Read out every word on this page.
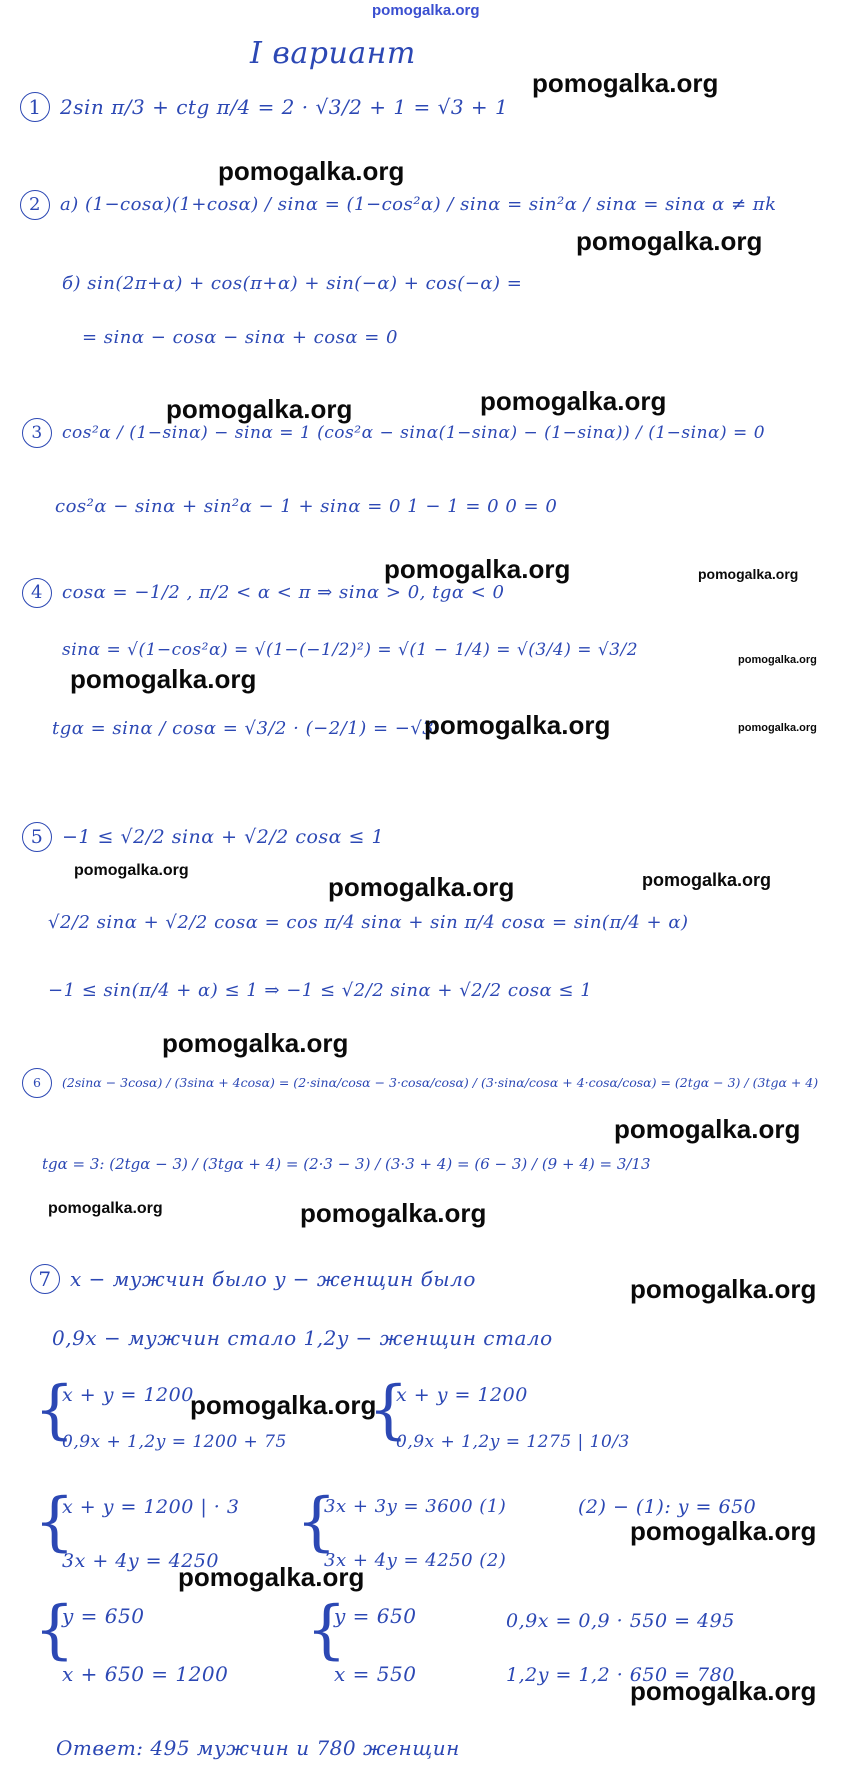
pomogalka.org
I вариант
1 2sin π/3 + ctg π/4 = 2 · √3/2 + 1 = √3 + 1
2 а) (1−cosα)(1+cosα) / sinα = (1−cos²α) / sinα = sin²α / sinα = sinα α ≠ πk
б) sin(2π+α) + cos(π+α) + sin(−α) + cos(−α) =
= sinα − cosα − sinα + cosα = 0
3 cos²α / (1−sinα) − sinα = 1 (cos²α − sinα(1−sinα) − (1−sinα)) / (1−sinα) = 0
cos²α − sinα + sin²α − 1 + sinα = 0 1 − 1 = 0 0 = 0
4 cosα = −1/2 , π/2 < α < π ⇒ sinα > 0, tgα < 0
sinα = √(1−cos²α) = √(1−(−1/2)²) = √(1 − 1/4) = √(3/4) = √3/2
tgα = sinα / cosα = √3/2 · (−2/1) = −√3
5 −1 ≤ √2/2 sinα + √2/2 cosα ≤ 1
√2/2 sinα + √2/2 cosα = cos π/4 sinα + sin π/4 cosα = sin(π/4 + α)
−1 ≤ sin(π/4 + α) ≤ 1 ⇒ −1 ≤ √2/2 sinα + √2/2 cosα ≤ 1
6 (2sinα − 3cosα) / (3sinα + 4cosα) = (2·sinα/cosα − 3·cosα/cosα) / (3·sinα/cosα + 4·cosα/cosα) = (2tgα − 3) / (3tgα + 4)
tgα = 3: (2tgα − 3) / (3tgα + 4) = (2·3 − 3) / (3·3 + 4) = (6 − 3) / (9 + 4) = 3/13
7 x − мужчин было y − женщин было
0,9x − мужчин стало 1,2y − женщин стало
{
x + y = 1200
0,9x + 1,2y = 1200 + 75 {
x + y = 1200
0,9x + 1,2y = 1275 | 10/3
{
x + y = 1200 | · 3
3x + 4y = 4250
{
3x + 3y = 3600 (1)
3x + 4y = 4250 (2)
(2) − (1): y = 650
{
y = 650
x + 650 = 1200
{
y = 650
x = 550
0,9x = 0,9 · 550 = 495
1,2y = 1,2 · 650 = 780
Ответ: 495 мужчин и 780 женщин
pomogalka.org
pomogalka.org
pomogalka.org
pomogalka.org	pomogalka.org
pomogalka.org	pomogalka.org
pomogalka.org
pomogalka.org
pomogalka.org	pomogalka.org
pomogalka.org
pomogalka.org	pomogalka.org
pomogalka.org
pomogalka.org
pomogalka.org	pomogalka.org
pomogalka.org
pomogalka.org
pomogalka.org
pomogalka.org
pomogalka.org
